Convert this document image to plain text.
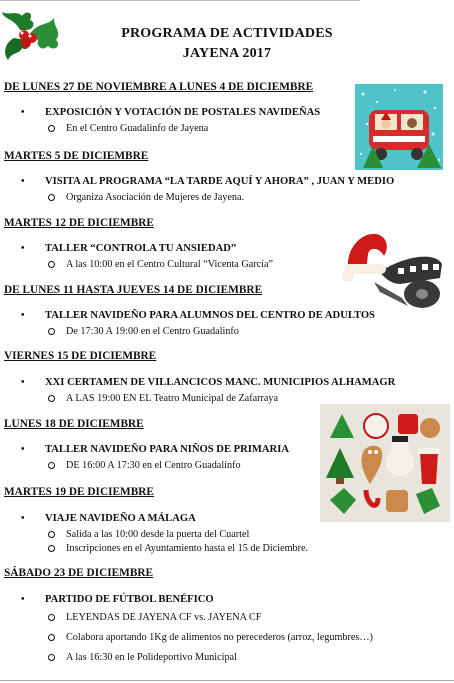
PROGRAMA DE ACTIVIDADES
JAYENA 2017
DE LUNES 27 DE NOVIEMBRE A LUNES 4 DE DICIEMBRE
•	EXPOSICIÓN Y VOTACIÓN DE POSTALES NAVIDEÑAS
En el Centro Guadalinfo de Jayena
MARTES 5 DE DICIEMBRE
•	VISITA AL PROGRAMA “LA TARDE AQUÍ Y AHORA” , JUAN Y MEDIO
Organiza Asociación de Mujeres de Jayena.
MARTES 12 DE DICIEMBRE
•	TALLER “CONTROLA TU ANSIEDAD”
A las 10:00 en el Centro Cultural “Vicenta García”
DE LUNES 11 HASTA JUEVES 14 DE DICIEMBRE
•	TALLER NAVIDEÑO PARA ALUMNOS DEL CENTRO DE ADULTOS
De 17:30 A 19:00 en el Centro Guadalinfo
VIERNES 15 DE DICIEMBRE
•	XXI CERTAMEN DE VILLANCICOS MANC. MUNICIPIOS ALHAMAGR
A LAS 19:00 EN EL Teatro Municipal de Zafarraya
LUNES 18 DE DICIEMBRE
•	TALLER NAVIDEÑO PARA NIÑOS DE PRIMARIA
DE 16:00 A 17:30 en el Centro Guadalinfo
MARTES 19 DE DICIEMBRE
•	VIAJE NAVIDEÑO A MÁLAGA
Salida a las 10:00 desde la puerta del Cuartel
Inscripciones en el Ayuntamiento hasta el 15 de Diciembre.
SÁBADO 23 DE DICIEMBRE
•	PARTIDO DE FÚTBOL BENÉFICO
LEYENDAS DE JAYENA CF vs. JAYENA CF
Colabora aportando 1Kg de alimentos no perecederos (arroz, legumbres…)
A las 16:30 en le Polideportivo Municipal
